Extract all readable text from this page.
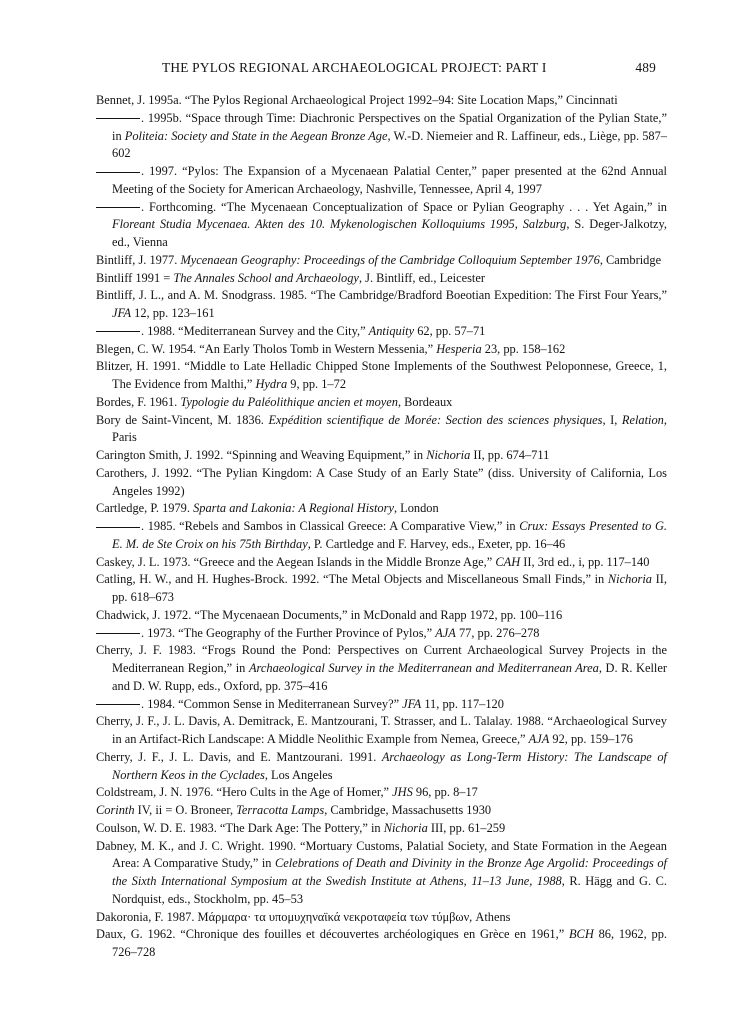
THE PYLOS REGIONAL ARCHAEOLOGICAL PROJECT: PART I	489
Bennet, J. 1995a. “The Pylos Regional Archaeological Project 1992–94: Site Location Maps,” Cincinnati
. 1995b. “Space through Time: Diachronic Perspectives on the Spatial Organization of the Pylian State,” in Politeia: Society and State in the Aegean Bronze Age, W.-D. Niemeier and R. Laffineur, eds., Liège, pp. 587–602
. 1997. “Pylos: The Expansion of a Mycenaean Palatial Center,” paper presented at the 62nd Annual Meeting of the Society for American Archaeology, Nashville, Tennessee, April 4, 1997
. Forthcoming. “The Mycenaean Conceptualization of Space or Pylian Geography . . . Yet Again,” in Floreant Studia Mycenaea. Akten des 10. Mykenologischen Kolloquiums 1995, Salzburg, S. Deger-Jalkotzy, ed., Vienna
Bintliff, J. 1977. Mycenaean Geography: Proceedings of the Cambridge Colloquium September 1976, Cambridge
Bintliff 1991 = The Annales School and Archaeology, J. Bintliff, ed., Leicester
Bintliff, J. L., and A. M. Snodgrass. 1985. “The Cambridge/Bradford Boeotian Expedition: The First Four Years,” JFA 12, pp. 123–161
. 1988. “Mediterranean Survey and the City,” Antiquity 62, pp. 57–71
Blegen, C. W. 1954. “An Early Tholos Tomb in Western Messenia,” Hesperia 23, pp. 158–162
Blitzer, H. 1991. “Middle to Late Helladic Chipped Stone Implements of the Southwest Peloponnese, Greece, 1, The Evidence from Malthi,” Hydra 9, pp. 1–72
Bordes, F. 1961. Typologie du Paléolithique ancien et moyen, Bordeaux
Bory de Saint-Vincent, M. 1836. Expédition scientifique de Morée: Section des sciences physiques, I, Relation, Paris
Carington Smith, J. 1992. “Spinning and Weaving Equipment,” in Nichoria II, pp. 674–711
Carothers, J. 1992. “The Pylian Kingdom: A Case Study of an Early State” (diss. University of California, Los Angeles 1992)
Cartledge, P. 1979. Sparta and Lakonia: A Regional History, London
. 1985. “Rebels and Sambos in Classical Greece: A Comparative View,” in Crux: Essays Presented to G. E. M. de Ste Croix on his 75th Birthday, P. Cartledge and F. Harvey, eds., Exeter, pp. 16–46
Caskey, J. L. 1973. “Greece and the Aegean Islands in the Middle Bronze Age,” CAH II, 3rd ed., i, pp. 117–140
Catling, H. W., and H. Hughes-Brock. 1992. “The Metal Objects and Miscellaneous Small Finds,” in Nichoria II, pp. 618–673
Chadwick, J. 1972. “The Mycenaean Documents,” in McDonald and Rapp 1972, pp. 100–116
. 1973. “The Geography of the Further Province of Pylos,” AJA 77, pp. 276–278
Cherry, J. F. 1983. “Frogs Round the Pond: Perspectives on Current Archaeological Survey Projects in the Mediterranean Region,” in Archaeological Survey in the Mediterranean and Mediterranean Area, D. R. Keller and D. W. Rupp, eds., Oxford, pp. 375–416
. 1984. “Common Sense in Mediterranean Survey?” JFA 11, pp. 117–120
Cherry, J. F., J. L. Davis, A. Demitrack, E. Mantzourani, T. Strasser, and L. Talalay. 1988. “Archaeological Survey in an Artifact-Rich Landscape: A Middle Neolithic Example from Nemea, Greece,” AJA 92, pp. 159–176
Cherry, J. F., J. L. Davis, and E. Mantzourani. 1991. Archaeology as Long-Term History: The Landscape of Northern Keos in the Cyclades, Los Angeles
Coldstream, J. N. 1976. “Hero Cults in the Age of Homer,” JHS 96, pp. 8–17
Corinth IV, ii = O. Broneer, Terracotta Lamps, Cambridge, Massachusetts 1930
Coulson, W. D. E. 1983. “The Dark Age: The Pottery,” in Nichoria III, pp. 61–259
Dabney, M. K., and J. C. Wright. 1990. “Mortuary Customs, Palatial Society, and State Formation in the Aegean Area: A Comparative Study,” in Celebrations of Death and Divinity in the Bronze Age Argolid: Proceedings of the Sixth International Symposium at the Swedish Institute at Athens, 11–13 June, 1988, R. Hägg and G. C. Nordquist, eds., Stockholm, pp. 45–53
Dakoronia, F. 1987. Μάρμαρα· τα υπομυχηναϊκά νεκροταφεία των τύμβων, Athens
Daux, G. 1962. “Chronique des fouilles et découvertes archéologiques en Grèce en 1961,” BCH 86, 1962, pp. 726–728
